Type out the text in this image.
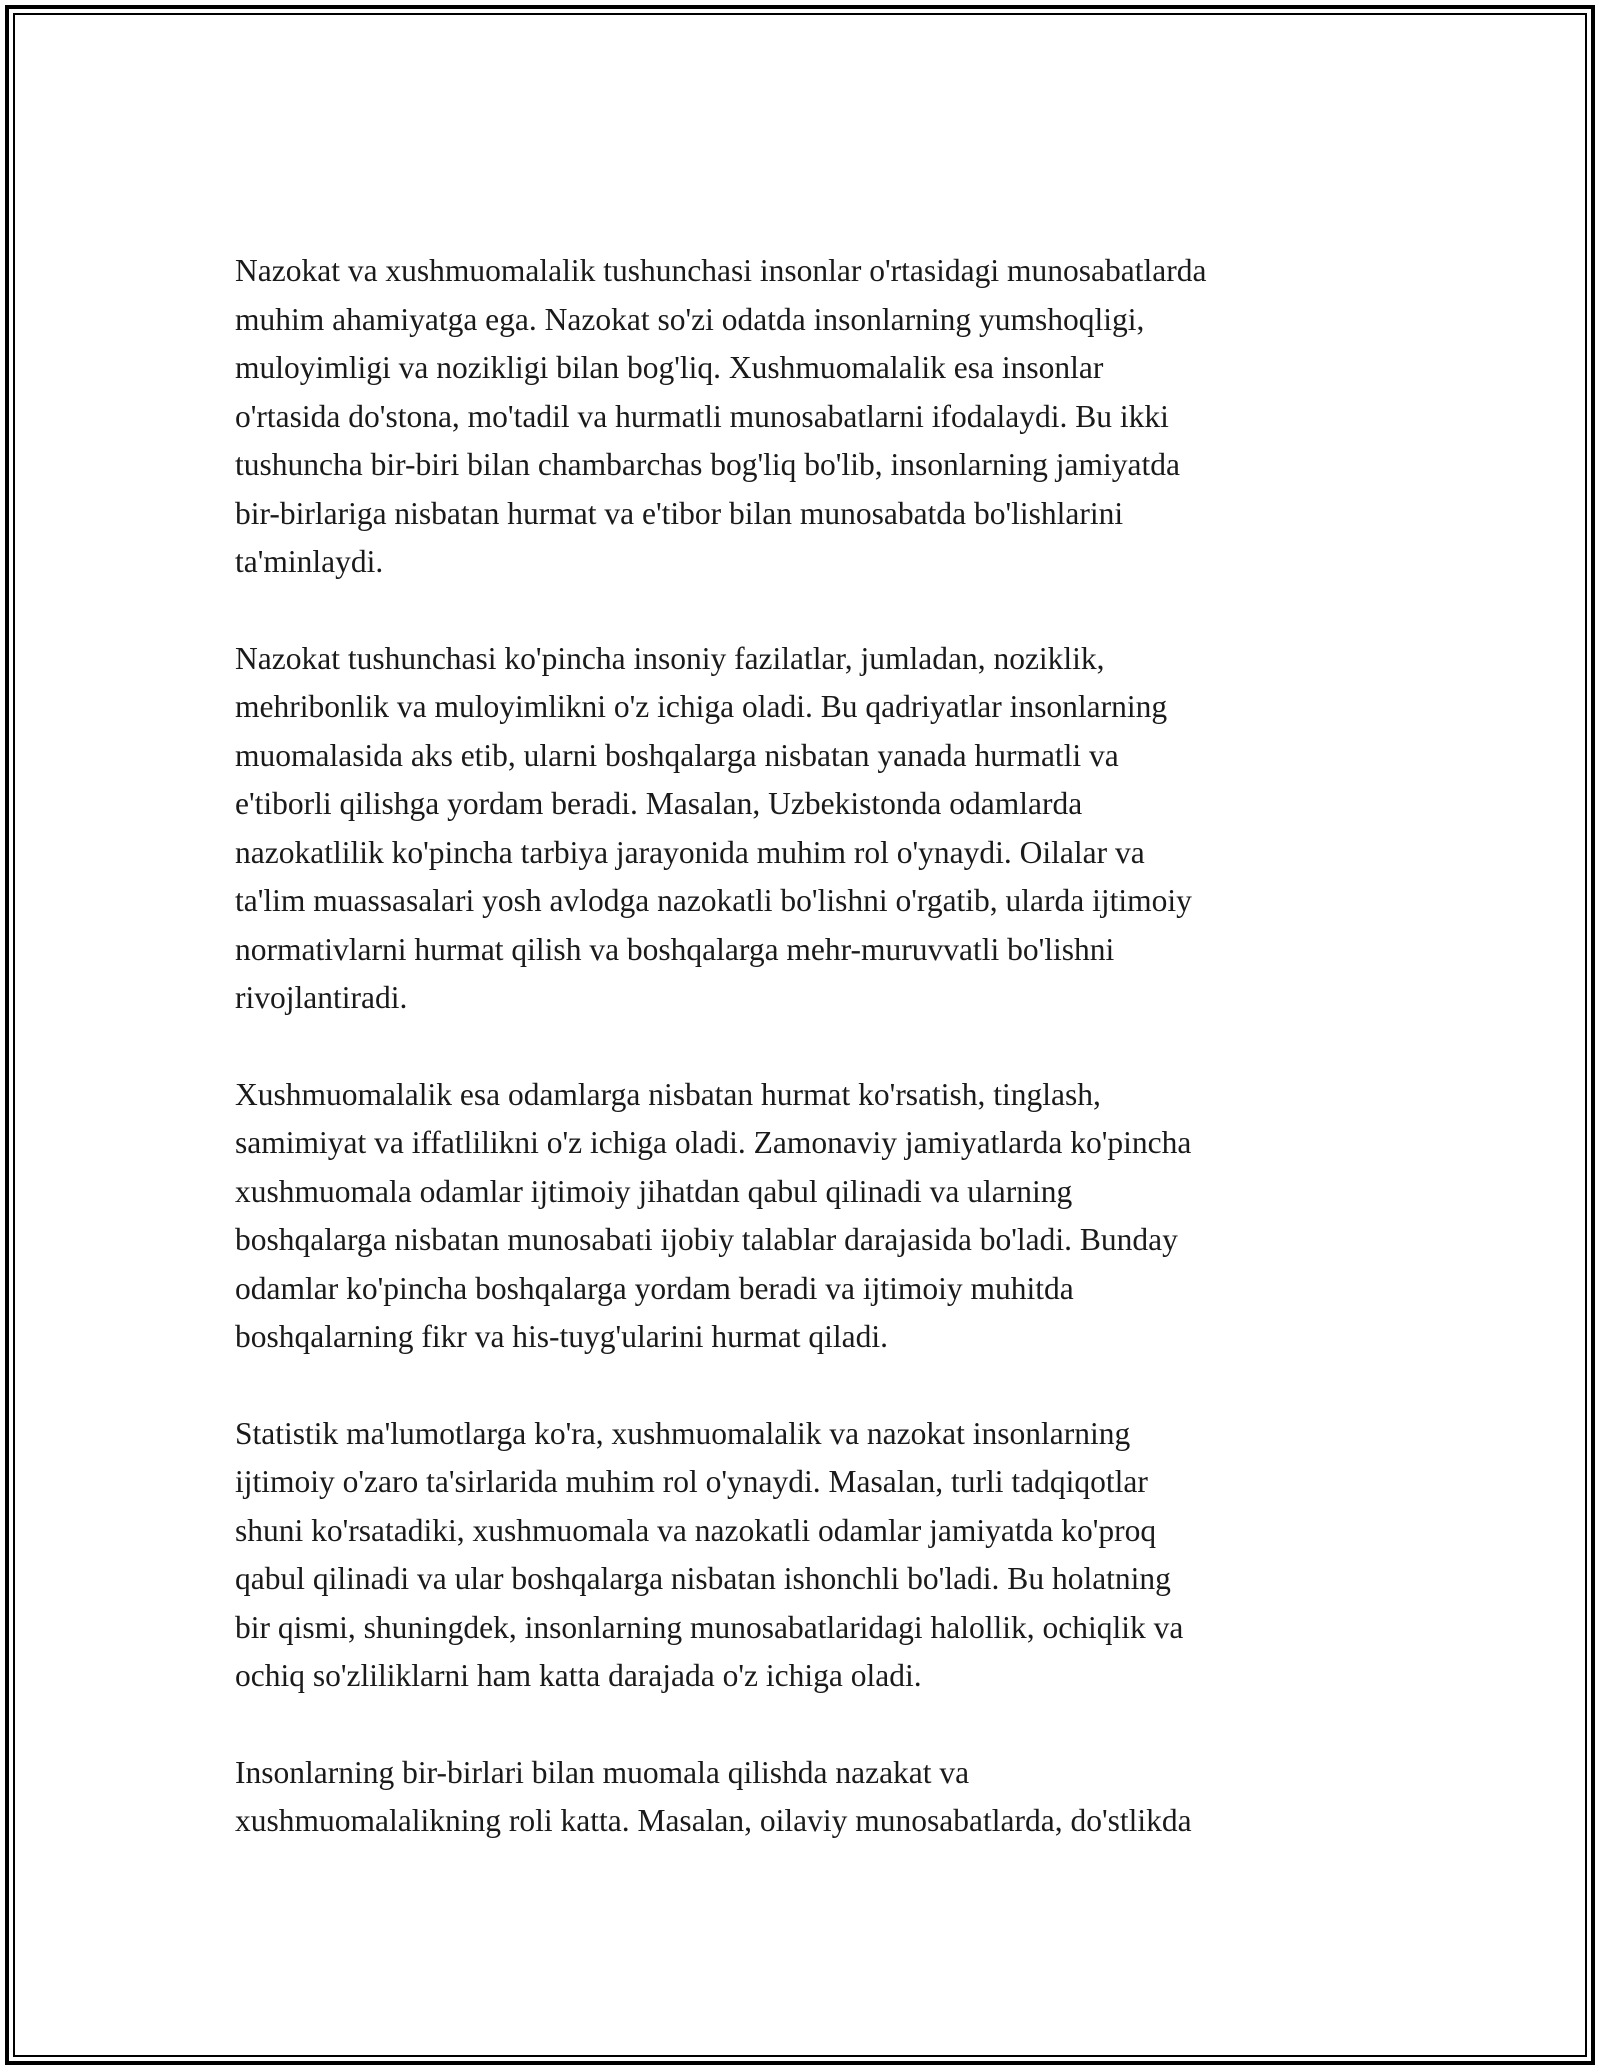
Nazokat va xushmuomalalik tushunchasi insonlar o'rtasidagi munosabatlarda
muhim ahamiyatga ega. Nazokat so'zi odatda insonlarning yumshoqligi,
muloyimligi va nozikligi bilan bog'liq. Xushmuomalalik esa insonlar
o'rtasida do'stona, mo'tadil va hurmatli munosabatlarni ifodalaydi. Bu ikki
tushuncha bir-biri bilan chambarchas bog'liq bo'lib, insonlarning jamiyatda
bir-birlariga nisbatan hurmat va e'tibor bilan munosabatda bo'lishlarini
ta'minlaydi.

Nazokat tushunchasi ko'pincha insoniy fazilatlar, jumladan, noziklik,
mehribonlik va muloyimlikni o'z ichiga oladi. Bu qadriyatlar insonlarning
muomalasida aks etib, ularni boshqalarga nisbatan yanada hurmatli va
e'tiborli qilishga yordam beradi. Masalan, Uzbekistonda odamlarda
nazokatlilik ko'pincha tarbiya jarayonida muhim rol o'ynaydi. Oilalar va
ta'lim muassasalari yosh avlodga nazokatli bo'lishni o'rgatib, ularda ijtimoiy
normativlarni hurmat qilish va boshqalarga mehr-muruvvatli bo'lishni
rivojlantiradi.

Xushmuomalalik esa odamlarga nisbatan hurmat ko'rsatish, tinglash,
samimiyat va iffatlilikni o'z ichiga oladi. Zamonaviy jamiyatlarda ko'pincha
xushmuomala odamlar ijtimoiy jihatdan qabul qilinadi va ularning
boshqalarga nisbatan munosabati ijobiy talablar darajasida bo'ladi. Bunday
odamlar ko'pincha boshqalarga yordam beradi va ijtimoiy muhitda
boshqalarning fikr va his-tuyg'ularini hurmat qiladi.

Statistik ma'lumotlarga ko'ra, xushmuomalalik va nazokat insonlarning
ijtimoiy o'zaro ta'sirlarida muhim rol o'ynaydi. Masalan, turli tadqiqotlar
shuni ko'rsatadiki, xushmuomala va nazokatli odamlar jamiyatda ko'proq
qabul qilinadi va ular boshqalarga nisbatan ishonchli bo'ladi. Bu holatning
bir qismi, shuningdek, insonlarning munosabatlaridagi halollik, ochiqlik va
ochiq so'zliliklarni ham katta darajada o'z ichiga oladi.

Insonlarning bir-birlari bilan muomala qilishda nazakat va
xushmuomalalikning roli katta. Masalan, oilaviy munosabatlarda, do'stlikda
